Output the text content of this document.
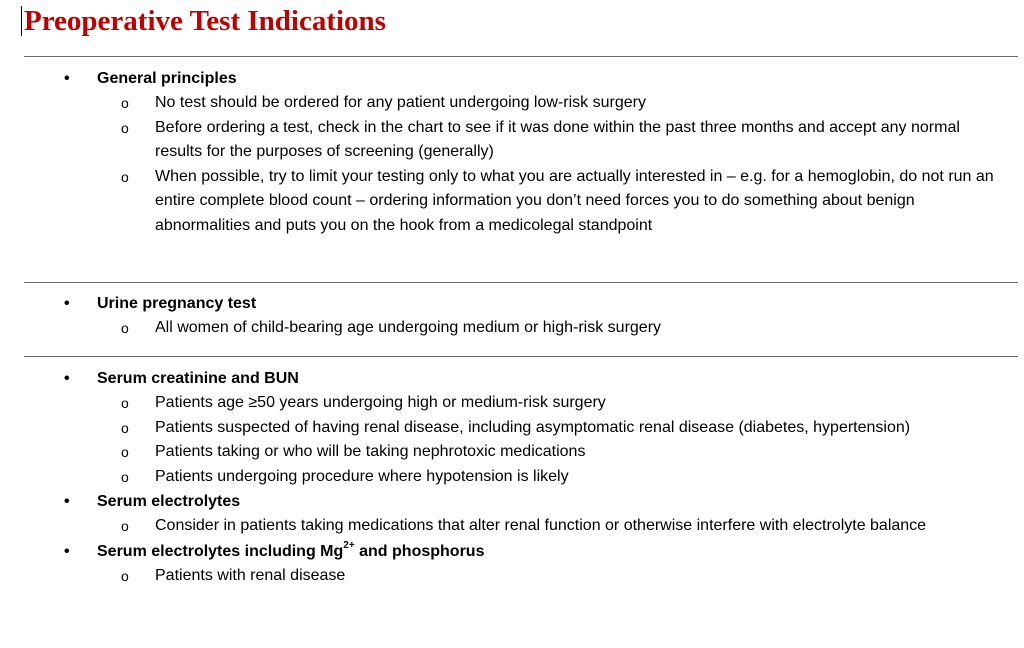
Preoperative Test Indications
•	General principles
o No test should be ordered for any patient undergoing low-risk surgery
o Before ordering a test, check in the chart to see if it was done within the past three months and accept any normal results for the purposes of screening (generally)
o When possible, try to limit your testing only to what you are actually interested in – e.g. for a hemoglobin, do not run an entire complete blood count – ordering information you don’t need forces you to do something about benign abnormalities and puts you on the hook from a medicolegal standpoint
•	Urine pregnancy test
o All women of child-bearing age undergoing medium or high-risk surgery
•	Serum creatinine and BUN
o Patients age ≥50 years undergoing high or medium-risk surgery
o Patients suspected of having renal disease, including asymptomatic renal disease (diabetes, hypertension)
o Patients taking or who will be taking nephrotoxic medications
o Patients undergoing procedure where hypotension is likely
•	Serum electrolytes
o Consider in patients taking medications that alter renal function or otherwise interfere with electrolyte balance
•	Serum electrolytes including $Mg^{2+}$ and phosphorus
o Patients with renal disease
